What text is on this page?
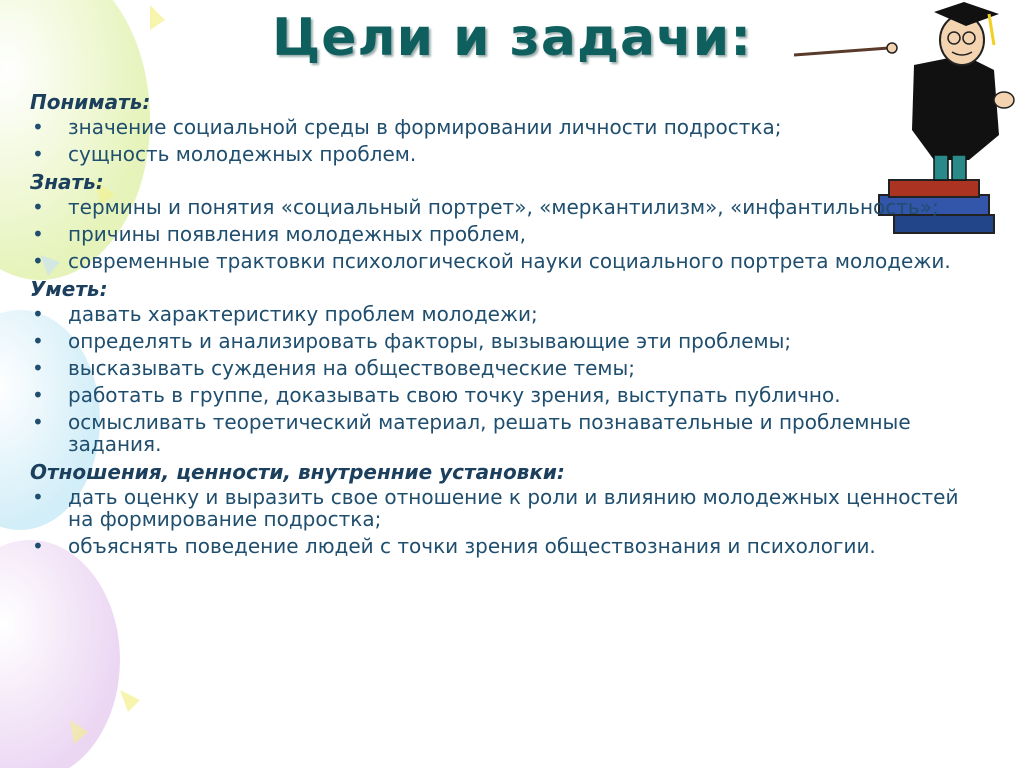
Цели и задачи:
Понимать:
• значение социальной среды в формировании личности подростка;
• сущность молодежных проблем.
Знать:
• термины и понятия «социальный портрет», «меркантилизм», «инфантильность»;
• причины появления молодежных проблем,
• современные трактовки психологической науки социального портрета молодежи.
Уметь:
• давать характеристику проблем молодежи;
• определять и анализировать факторы, вызывающие эти проблемы;
• высказывать суждения на обществоведческие темы;
• работать в группе, доказывать свою точку зрения, выступать публично.
• осмысливать теоретический материал, решать познавательные и проблемные задания.
Отношения, ценности, внутренние установки:
• дать оценку и выразить свое отношение к роли и влиянию молодежных ценностей на формирование подростка;
• объяснять поведение людей с точки зрения обществознания и психологии.
